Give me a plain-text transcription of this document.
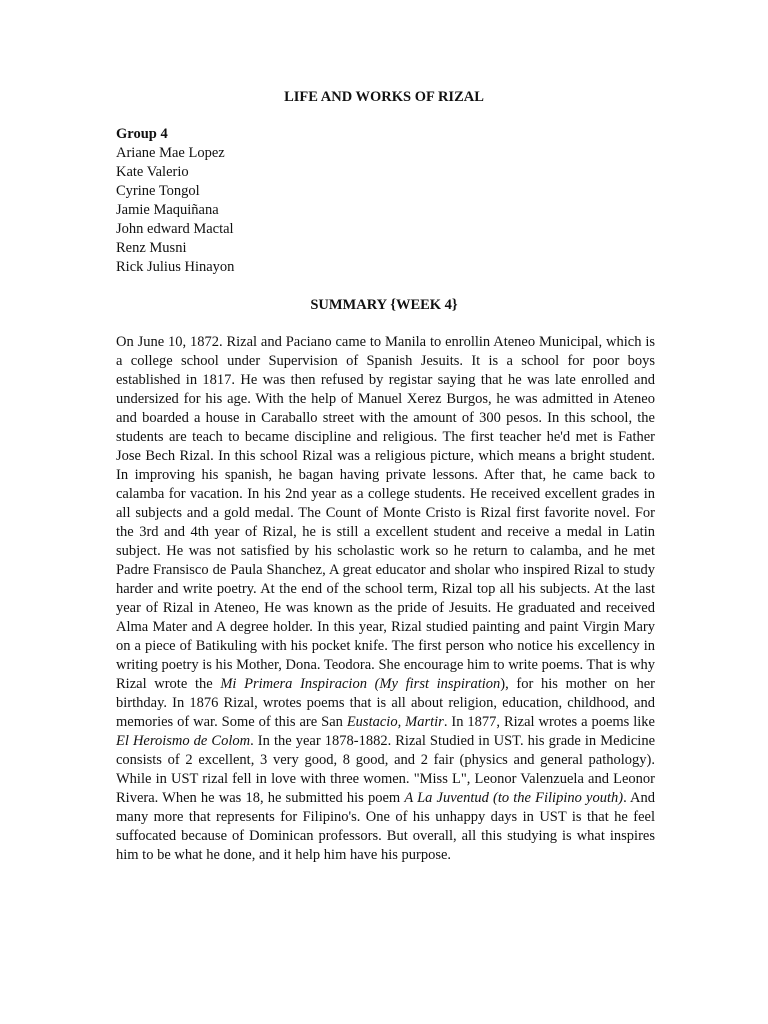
LIFE AND WORKS OF RIZAL

Group 4

Ariane Mae Lopez
Kate Valerio
Cyrine Tongol
Jamie Maquiñana
John edward Mactal
Renz Musni
Rick Julius Hinayon
SUMMARY {WEEK 4}

On June 10, 1872. Rizal and Paciano came to Manila to enrollin Ateneo Municipal, which is a college school under Supervision of Spanish Jesuits. It is a school for poor boys established in 1817. He was then refused by registar saying that he was late enrolled and undersized for his age. With the help of Manuel Xerez Burgos, he was admitted in Ateneo and boarded a house in Caraballo street with the amount of 300 pesos. In this school, the students are teach to became discipline and religious. The first teacher he'd met is Father Jose Bech Rizal. In this school Rizal was a religious picture, which means a bright student. In improving his spanish, he bagan having private lessons. After that, he came back to calamba for vacation. In his 2nd year as a college students. He received excellent grades in all subjects and a gold medal. The Count of Monte Cristo is Rizal first favorite novel. For the 3rd and 4th year of Rizal, he is still a excellent student and receive a medal in Latin subject. He was not satisfied by his scholastic work so he return to calamba, and he met Padre Fransisco de Paula Shanchez, A great educator and sholar who inspired Rizal to study harder and write poetry. At the end of the school term, Rizal top all his subjects. At the last year of Rizal in Ateneo, He was known as the pride of Jesuits. He graduated and received Alma Mater and A degree holder. In this year, Rizal studied painting and paint Virgin Mary on a piece of Batikuling with his pocket knife. The first person who notice his excellency in writing poetry is his Mother, Dona. Teodora. She encourage him to write poems. That is why Rizal wrote the Mi Primera Inspiracion (My first inspiration), for his mother on her birthday. In 1876 Rizal, wrotes poems that is all about religion, education, childhood, and memories of war. Some of this are San Eustacio, Martir. In 1877, Rizal wrotes a poems like El Heroismo de Colom. In the year 1878-1882. Rizal Studied in UST. his grade in Medicine consists of 2 excellent, 3 very good, 8 good, and 2 fair (physics and general pathology). While in UST rizal fell in love with three women. "Miss L", Leonor Valenzuela and Leonor Rivera. When he was 18, he submitted his poem A La Juventud (to the Filipino youth). And many more that represents for Filipino's. One of his unhappy days in UST is that he feel suffocated because of Dominican professors. But overall, all this studying is what inspires him to be what he done, and it help him have his purpose.
